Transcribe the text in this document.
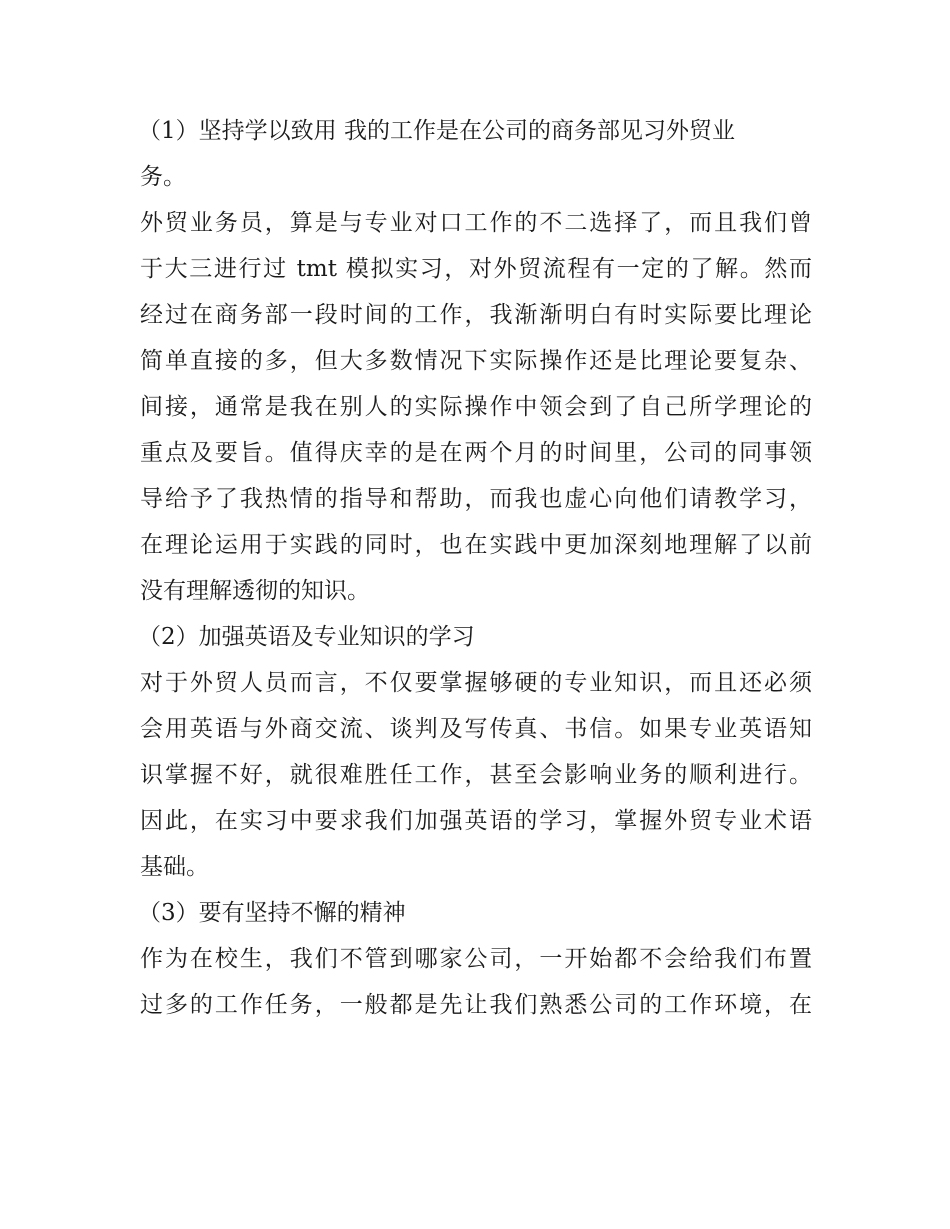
（1）坚持学以致用 我的工作是在公司的商务部见习外贸业
务。
外贸业务员，算是与专业对口工作的不二选择了，而且我们曾
于大三进行过 tmt 模拟实习，对外贸流程有一定的了解。然而
经过在商务部一段时间的工作，我渐渐明白有时实际要比理论
简单直接的多，但大多数情况下实际操作还是比理论要复杂、
间接，通常是我在别人的实际操作中领会到了自己所学理论的
重点及要旨。值得庆幸的是在两个月的时间里，公司的同事领
导给予了我热情的指导和帮助，而我也虚心向他们请教学习，
在理论运用于实践的同时，也在实践中更加深刻地理解了以前
没有理解透彻的知识。
（2）加强英语及专业知识的学习
对于外贸人员而言，不仅要掌握够硬的专业知识，而且还必须
会用英语与外商交流、谈判及写传真、书信。如果专业英语知
识掌握不好，就很难胜任工作，甚至会影响业务的顺利进行。
因此，在实习中要求我们加强英语的学习，掌握外贸专业术语
基础。
（3）要有坚持不懈的精神
作为在校生，我们不管到哪家公司，一开始都不会给我们布置
过多的工作任务，一般都是先让我们熟悉公司的工作环境，在
